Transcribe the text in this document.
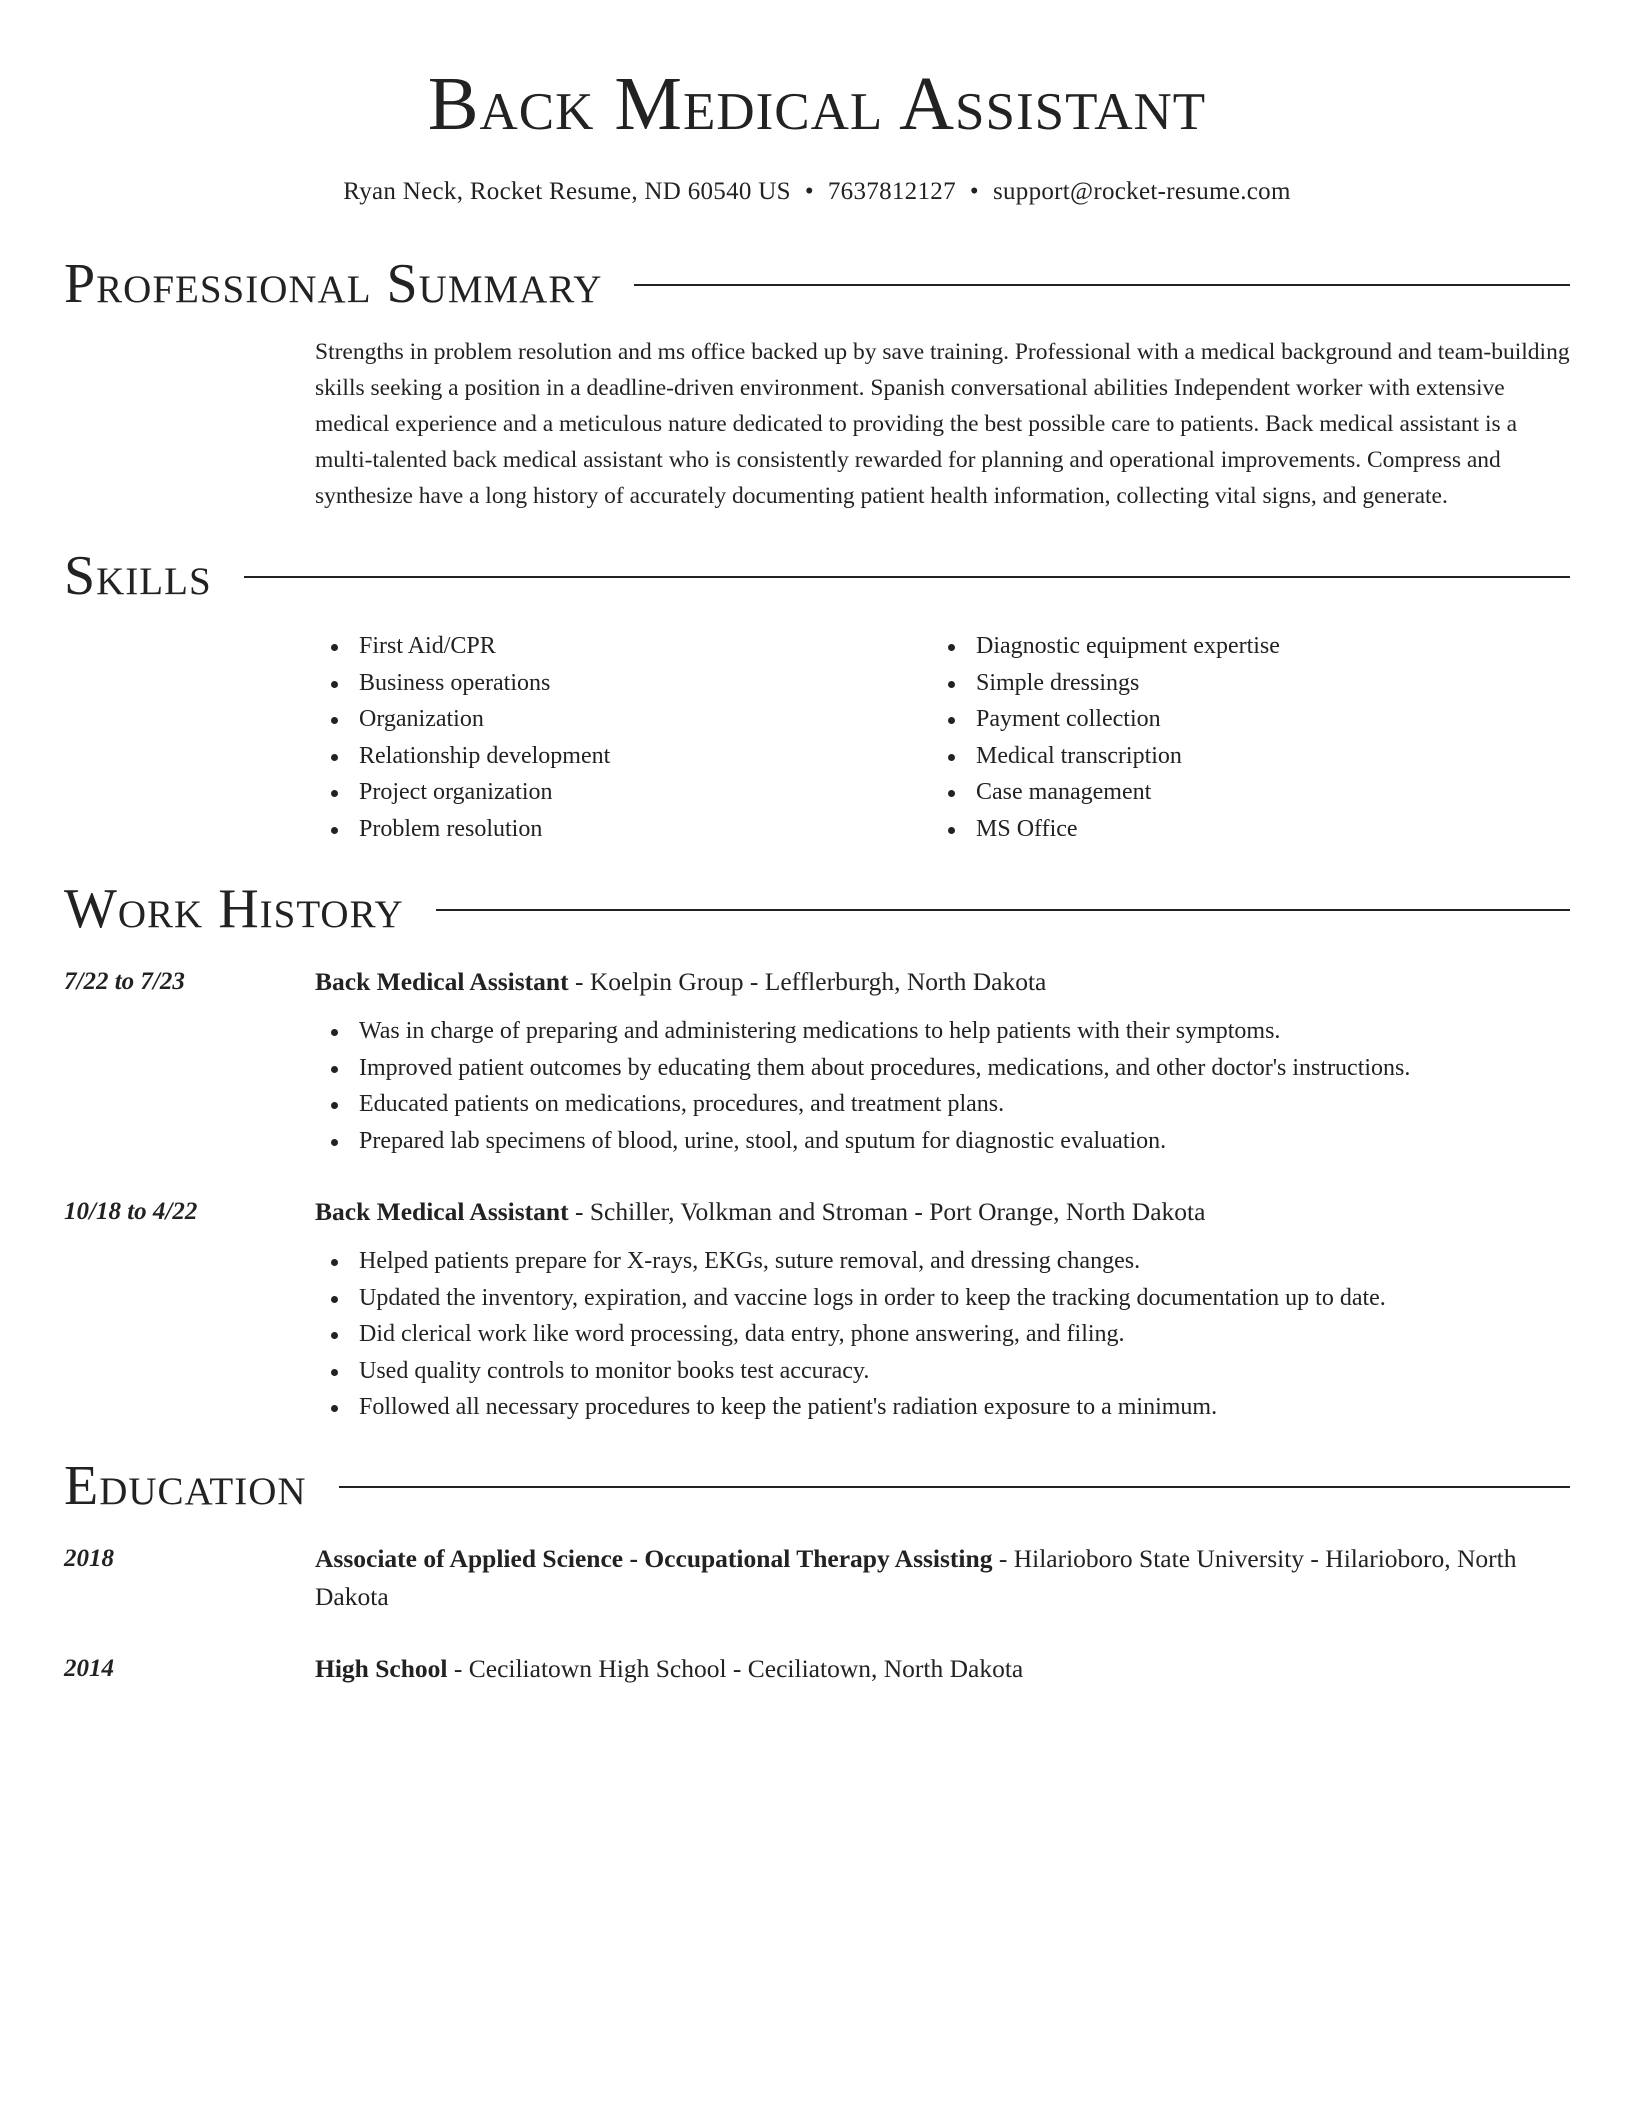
Back Medical Assistant
Ryan Neck, Rocket Resume, ND 60540 US • 7637812127 • support@rocket-resume.com
Professional Summary
Strengths in problem resolution and ms office backed up by save training. Professional with a medical background and team-building skills seeking a position in a deadline-driven environment. Spanish conversational abilities Independent worker with extensive medical experience and a meticulous nature dedicated to providing the best possible care to patients. Back medical assistant is a multi-talented back medical assistant who is consistently rewarded for planning and operational improvements. Compress and synthesize have a long history of accurately documenting patient health information, collecting vital signs, and generate.
Skills
First Aid/CPR
Business operations
Organization
Relationship development
Project organization
Problem resolution
Diagnostic equipment expertise
Simple dressings
Payment collection
Medical transcription
Case management
MS Office
Work History
7/22 to 7/23	Back Medical Assistant - Koelpin Group - Lefflerburgh, North Dakota
Was in charge of preparing and administering medications to help patients with their symptoms.
Improved patient outcomes by educating them about procedures, medications, and other doctor's instructions.
Educated patients on medications, procedures, and treatment plans.
Prepared lab specimens of blood, urine, stool, and sputum for diagnostic evaluation.
10/18 to 4/22	Back Medical Assistant - Schiller, Volkman and Stroman - Port Orange, North Dakota
Helped patients prepare for X-rays, EKGs, suture removal, and dressing changes.
Updated the inventory, expiration, and vaccine logs in order to keep the tracking documentation up to date.
Did clerical work like word processing, data entry, phone answering, and filing.
Used quality controls to monitor books test accuracy.
Followed all necessary procedures to keep the patient's radiation exposure to a minimum.
Education
2018	Associate of Applied Science - Occupational Therapy Assisting - Hilarioboro State University - Hilarioboro, North Dakota
2014	High School - Ceciliatown High School - Ceciliatown, North Dakota
